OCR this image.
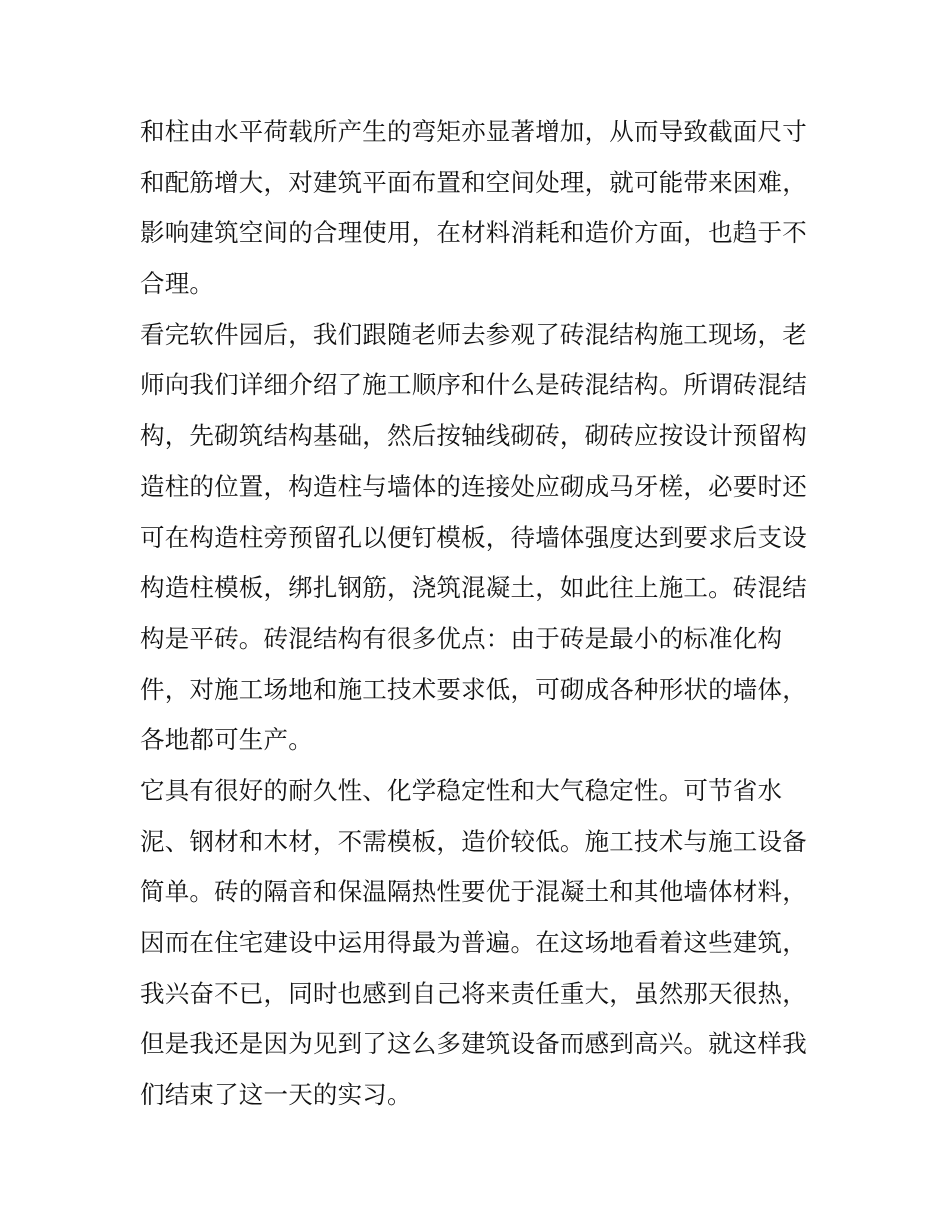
和柱由水平荷载所产生的弯矩亦显著增加，从而导致截面尺寸
和配筋增大，对建筑平面布置和空间处理，就可能带来困难，
影响建筑空间的合理使用，在材料消耗和造价方面，也趋于不
合理。
看完软件园后，我们跟随老师去参观了砖混结构施工现场，老
师向我们详细介绍了施工顺序和什么是砖混结构。所谓砖混结
构，先砌筑结构基础，然后按轴线砌砖，砌砖应按设计预留构
造柱的位置，构造柱与墙体的连接处应砌成马牙槎，必要时还
可在构造柱旁预留孔以便钉模板，待墙体强度达到要求后支设
构造柱模板，绑扎钢筋，浇筑混凝土，如此往上施工。砖混结
构是平砖。砖混结构有很多优点：由于砖是最小的标准化构
件，对施工场地和施工技术要求低，可砌成各种形状的墙体，
各地都可生产。
它具有很好的耐久性、化学稳定性和大气稳定性。可节省水
泥、钢材和木材，不需模板，造价较低。施工技术与施工设备
简单。砖的隔音和保温隔热性要优于混凝土和其他墙体材料，
因而在住宅建设中运用得最为普遍。在这场地看着这些建筑，
我兴奋不已，同时也感到自己将来责任重大，虽然那天很热，
但是我还是因为见到了这么多建筑设备而感到高兴。就这样我
们结束了这一天的实习。
